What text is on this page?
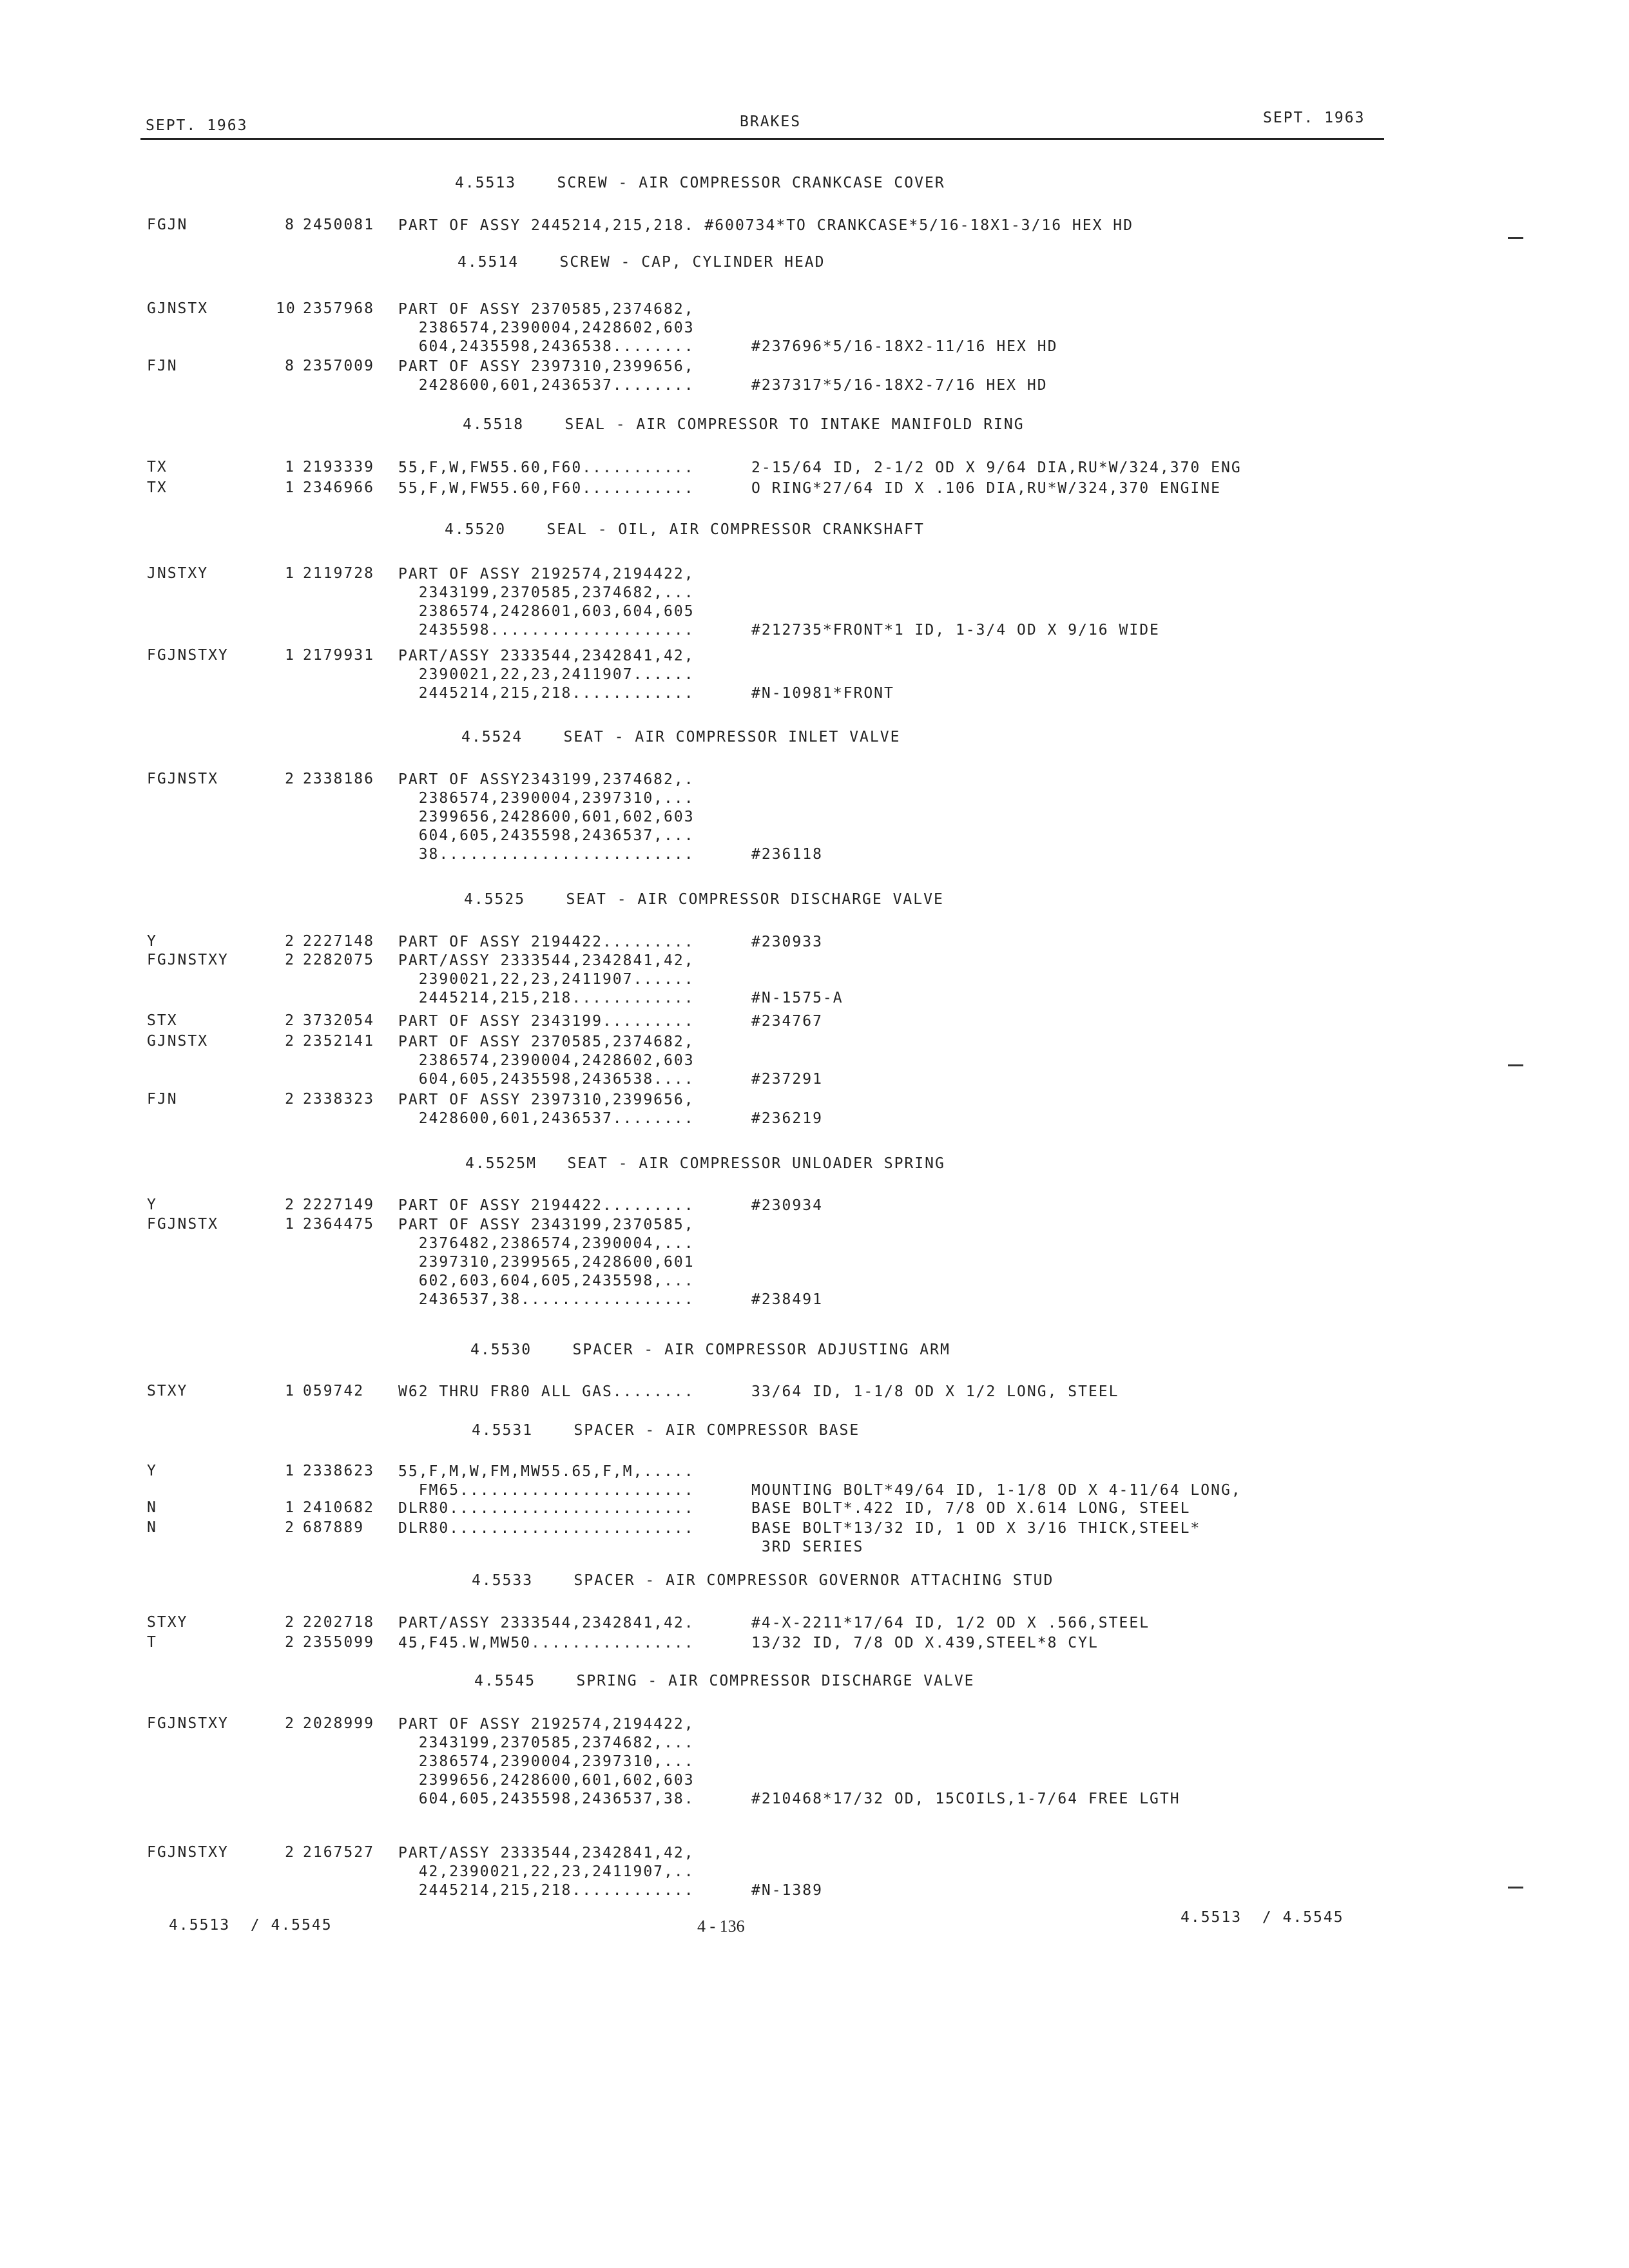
SEPT. 1963	BRAKES	SEPT. 1963
4.5513    SCREW - AIR COMPRESSOR CRANKCASE COVER
FGJN	8 2450081 PART OF ASSY 2445214,215,218. #600734*TO CRANKCASE*5/16-18X1-3/16 HEX HD
4.5514    SCREW - CAP, CYLINDER HEAD
GJNSTX	10 2357968 PART OF ASSY 2370585,2374682,
2386574,2390004,2428602,603
604,2435598,2436538........	#237696*5/16-18X2-11/16 HEX HD
FJN	8 2357009 PART OF ASSY 2397310,2399656,
2428600,601,2436537........	#237317*5/16-18X2-7/16 HEX HD
4.5518    SEAL - AIR COMPRESSOR TO INTAKE MANIFOLD RING
TX	1 2193339 55,F,W,FW55.60,F60...........	2-15/64 ID, 2-1/2 OD X 9/64 DIA,RU*W/324,370 ENG
TX	1 2346966 55,F,W,FW55.60,F60...........	O RING*27/64 ID X .106 DIA,RU*W/324,370 ENGINE
4.5520    SEAL - OIL, AIR COMPRESSOR CRANKSHAFT
JNSTXY	1 2119728 PART OF ASSY 2192574,2194422,
2343199,2370585,2374682,...
2386574,2428601,603,604,605
2435598....................	#212735*FRONT*1 ID, 1-3/4 OD X 9/16 WIDE
FGJNSTXY	1 2179931 PART/ASSY 2333544,2342841,42,
2390021,22,23,2411907......
2445214,215,218............	#N-10981*FRONT
4.5524    SEAT - AIR COMPRESSOR INLET VALVE
FGJNSTX	2 2338186 PART OF ASSY2343199,2374682,.
2386574,2390004,2397310,...
2399656,2428600,601,602,603
604,605,2435598,2436537,...
38.........................	#236118
4.5525    SEAT - AIR COMPRESSOR DISCHARGE VALVE
Y	2 2227148 PART OF ASSY 2194422.........	#230933
FGJNSTXY	2 2282075 PART/ASSY 2333544,2342841,42,
2390021,22,23,2411907......
2445214,215,218............	#N-1575-A
STX	2 3732054 PART OF ASSY 2343199.........	#234767
GJNSTX	2 2352141 PART OF ASSY 2370585,2374682,
2386574,2390004,2428602,603
604,605,2435598,2436538....	#237291
FJN	2 2338323 PART OF ASSY 2397310,2399656,
2428600,601,2436537........	#236219
4.5525M   SEAT - AIR COMPRESSOR UNLOADER SPRING
Y	2 2227149 PART OF ASSY 2194422.........	#230934
FGJNSTX	1 2364475 PART OF ASSY 2343199,2370585,
2376482,2386574,2390004,...
2397310,2399565,2428600,601
602,603,604,605,2435598,...
2436537,38.................	#238491
4.5530    SPACER - AIR COMPRESSOR ADJUSTING ARM
STXY	1 059742 W62 THRU FR80 ALL GAS........	33/64 ID, 1-1/8 OD X 1/2 LONG, STEEL
4.5531    SPACER - AIR COMPRESSOR BASE
Y	1 2338623 55,F,M,W,FM,MW55.65,F,M,.....
FM65.......................	MOUNTING BOLT*49/64 ID, 1-1/8 OD X 4-11/64 LONG,
N	1 2410682 DLR80........................	BASE BOLT*.422 ID, 7/8 OD X.614 LONG, STEEL
N	2 687889 DLR80........................	BASE BOLT*13/32 ID, 1 OD X 3/16 THICK,STEEL*
3RD SERIES
4.5533    SPACER - AIR COMPRESSOR GOVERNOR ATTACHING STUD
STXY	2 2202718 PART/ASSY 2333544,2342841,42.	#4-X-2211*17/64 ID, 1/2 OD X .566,STEEL
T	2 2355099 45,F45.W,MW50................	13/32 ID, 7/8 OD X.439,STEEL*8 CYL
4.5545    SPRING - AIR COMPRESSOR DISCHARGE VALVE
FGJNSTXY	2 2028999 PART OF ASSY 2192574,2194422,
2343199,2370585,2374682,...
2386574,2390004,2397310,...
2399656,2428600,601,602,603
604,605,2435598,2436537,38.	#210468*17/32 OD, 15COILS,1-7/64 FREE LGTH
FGJNSTXY	2 2167527 PART/ASSY 2333544,2342841,42,
42,2390021,22,23,2411907,..
2445214,215,218............	#N-1389
4.5513  / 4.5545	4 - 136	4.5513  / 4.5545
